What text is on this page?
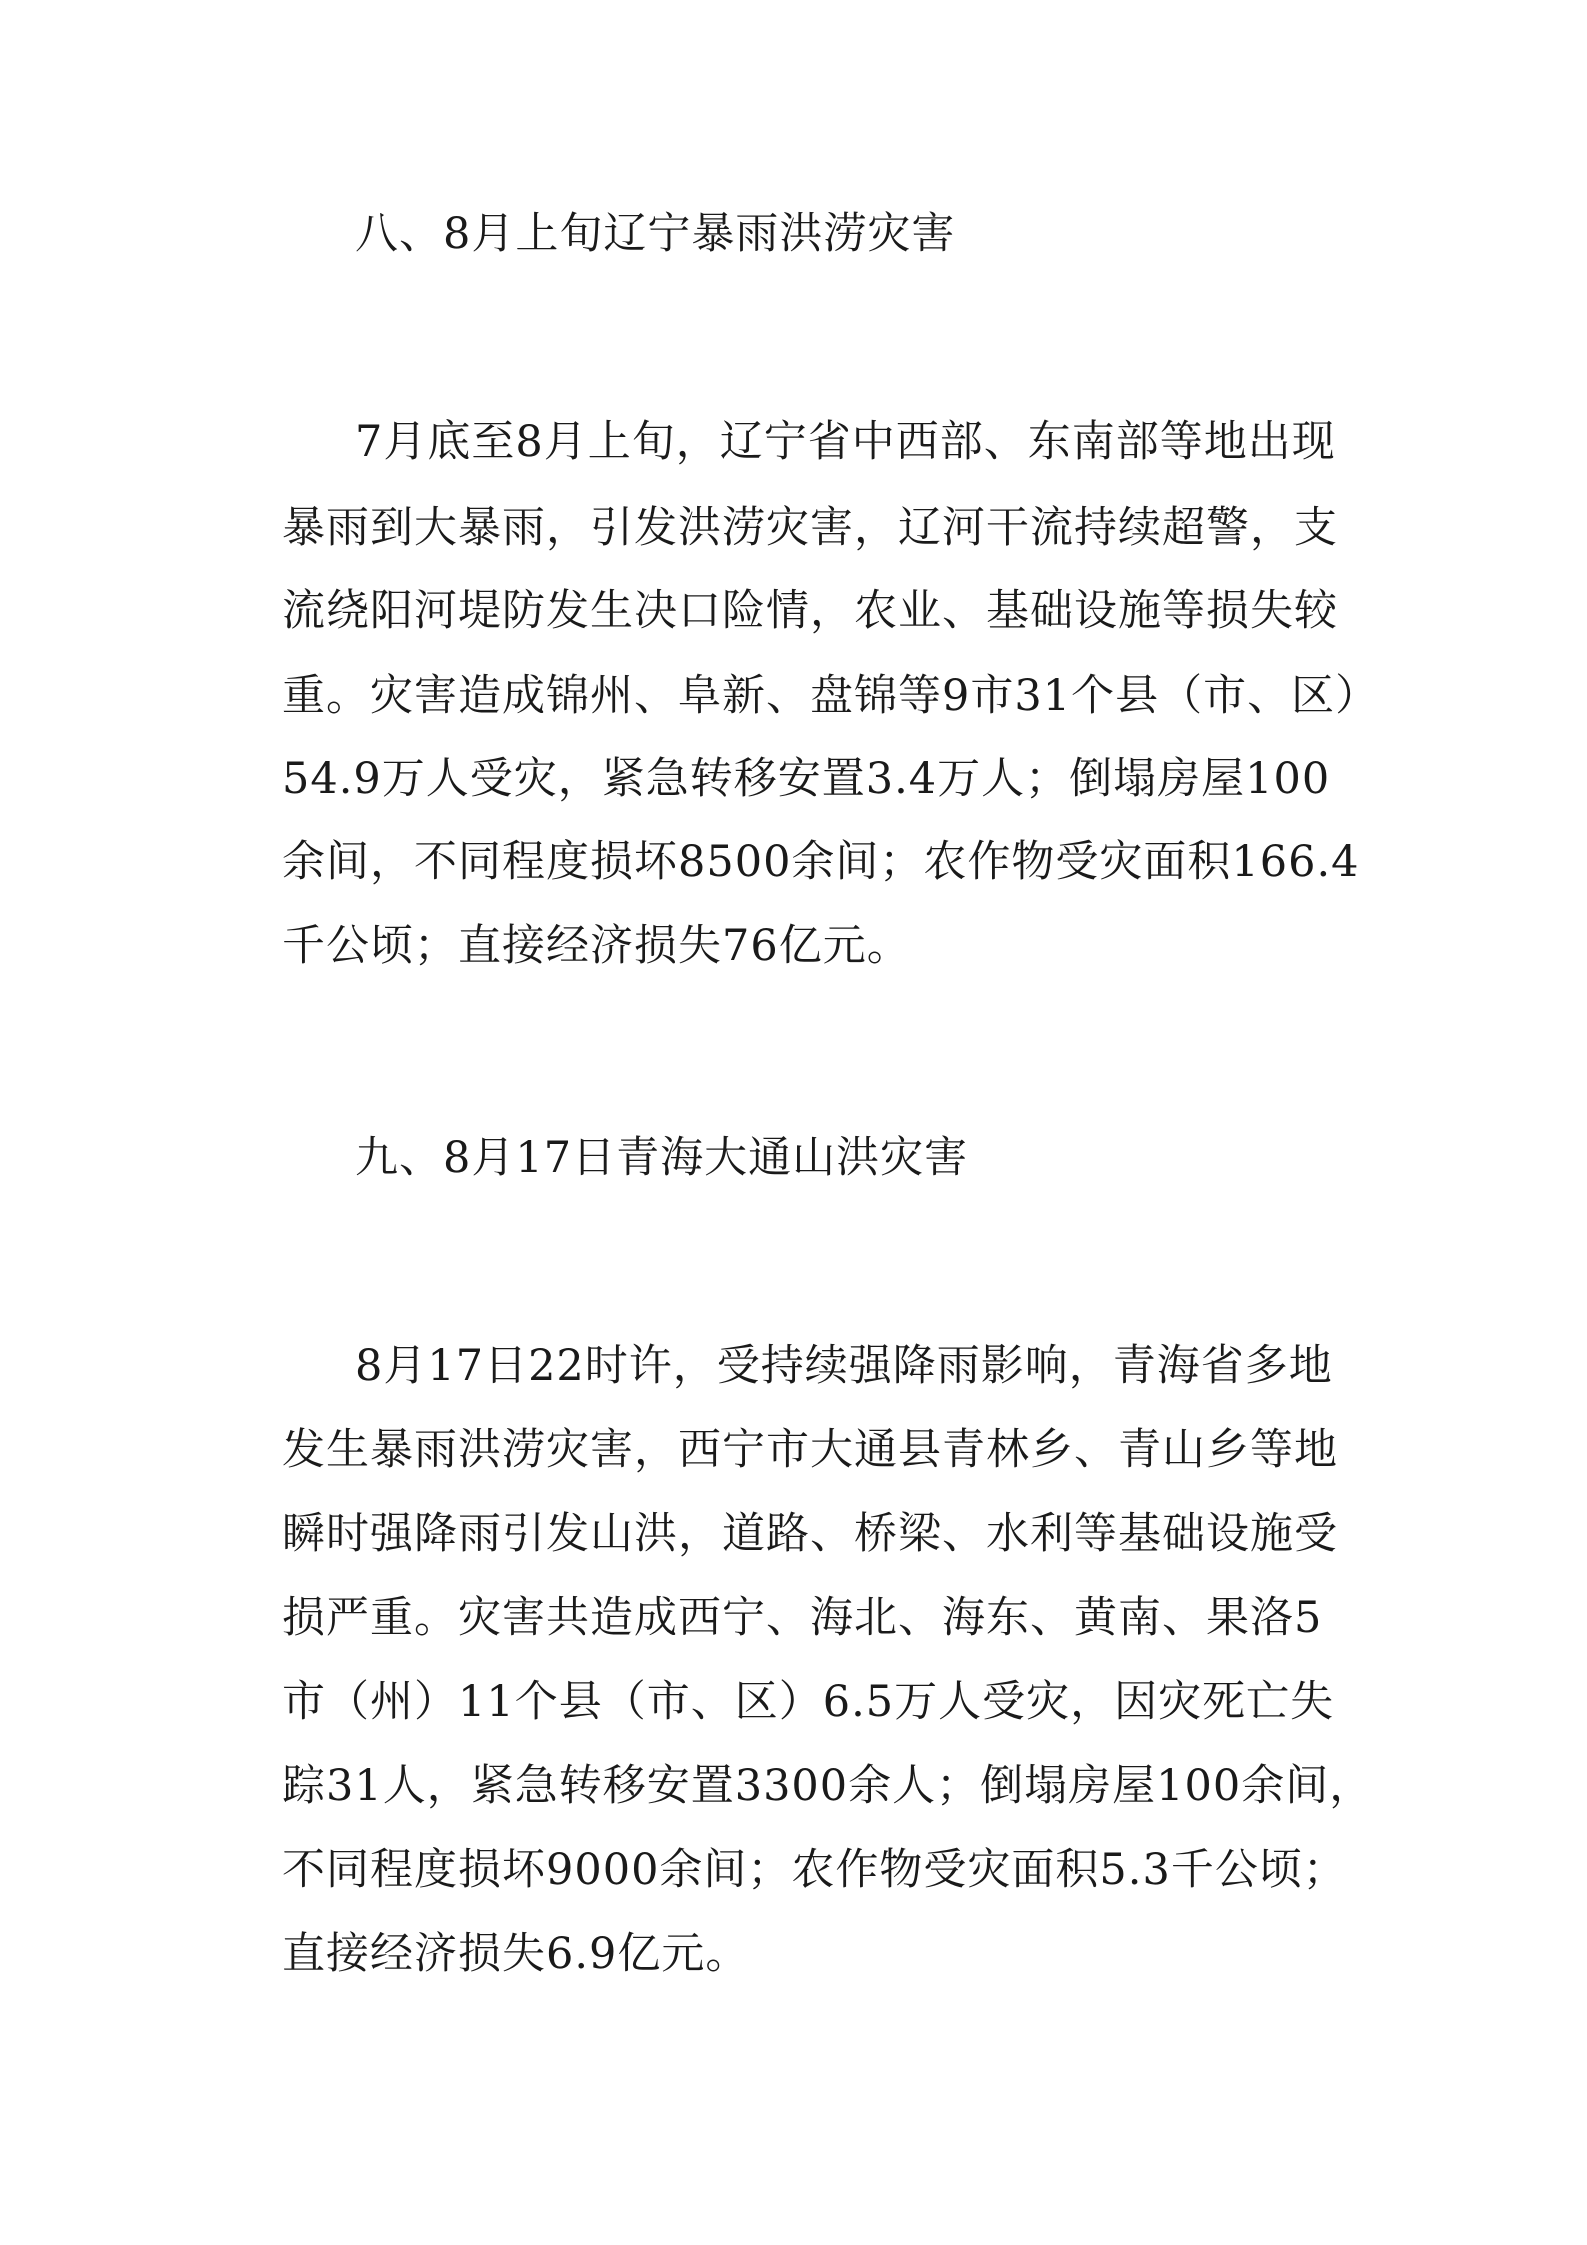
八、8月上旬辽宁暴雨洪涝灾害

7月底至8月上旬，辽宁省中西部、东南部等地出现

暴雨到大暴雨，引发洪涝灾害，辽河干流持续超警，支

流绕阳河堤防发生决口险情，农业、基础设施等损失较

重。灾害造成锦州、阜新、盘锦等9市31个县（市、区）

54.9万人受灾，紧急转移安置3.4万人；倒塌房屋100

余间，不同程度损坏8500余间；农作物受灾面积166.4

千公顷；直接经济损失76亿元。

九、8月17日青海大通山洪灾害

8月17日22时许，受持续强降雨影响，青海省多地

发生暴雨洪涝灾害，西宁市大通县青林乡、青山乡等地

瞬时强降雨引发山洪，道路、桥梁、水利等基础设施受

损严重。灾害共造成西宁、海北、海东、黄南、果洛5

市（州）11个县（市、区）6.5万人受灾，因灾死亡失

踪31人，紧急转移安置3300余人；倒塌房屋100余间，

不同程度损坏9000余间；农作物受灾面积5.3千公顷；

直接经济损失6.9亿元。
